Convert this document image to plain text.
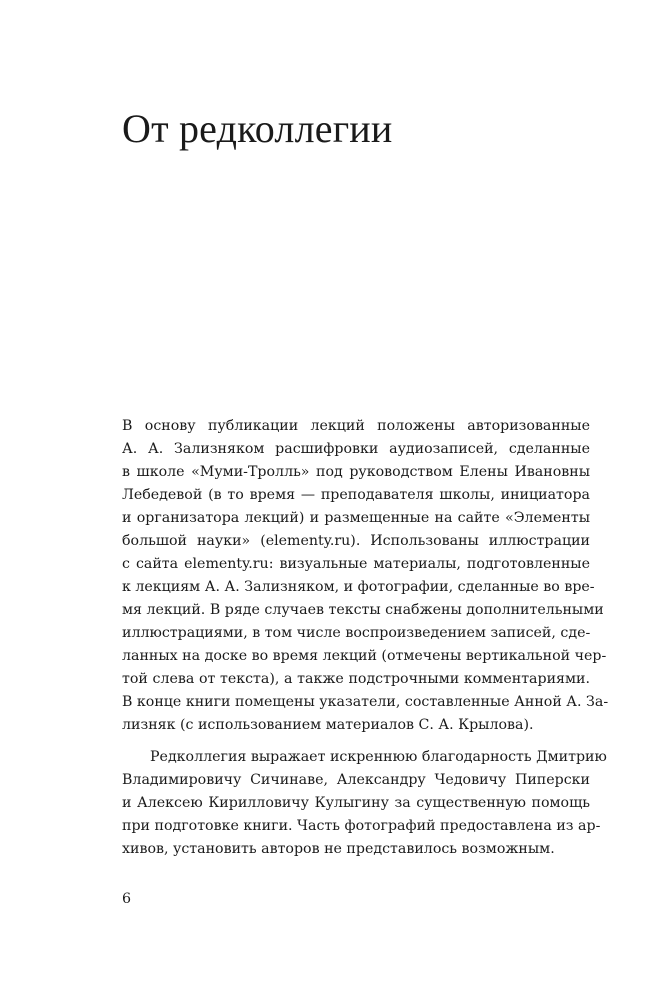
От редколлегии
В основу публикации лекций положены авторизованные
А. А. Зализняком расшифровки аудиозаписей, сделанные
в школе «Муми-Тролль» под руководством Елены Ивановны
Лебедевой (в то время — преподавателя школы, инициатора
и организатора лекций) и размещенные на сайте «Элементы
большой науки» (elementy.ru). Использованы иллюстрации
с сайта elementy.ru: визуальные материалы, подготовленные
к лекциям А. А. Зализняком, и фотографии, сделанные во вре-
мя лекций. В ряде случаев тексты снабжены дополнительными
иллюстрациями, в том числе воспроизведением записей, сде-
ланных на доске во время лекций (отмечены вертикальной чер-
той слева от текста), а также подстрочными комментариями.
В конце книги помещены указатели, составленные Анной А. За-
лизняк (с использованием материалов С. А. Крылова).
Редколлегия выражает искреннюю благодарность Дмитрию
Владимировичу Сичинаве, Александру Чедовичу Пиперски
и Алексею Кирилловичу Кулыгину за существенную помощь
при подготовке книги. Часть фотографий предоставлена из ар-
хивов, установить авторов не представилось возможным.
6
